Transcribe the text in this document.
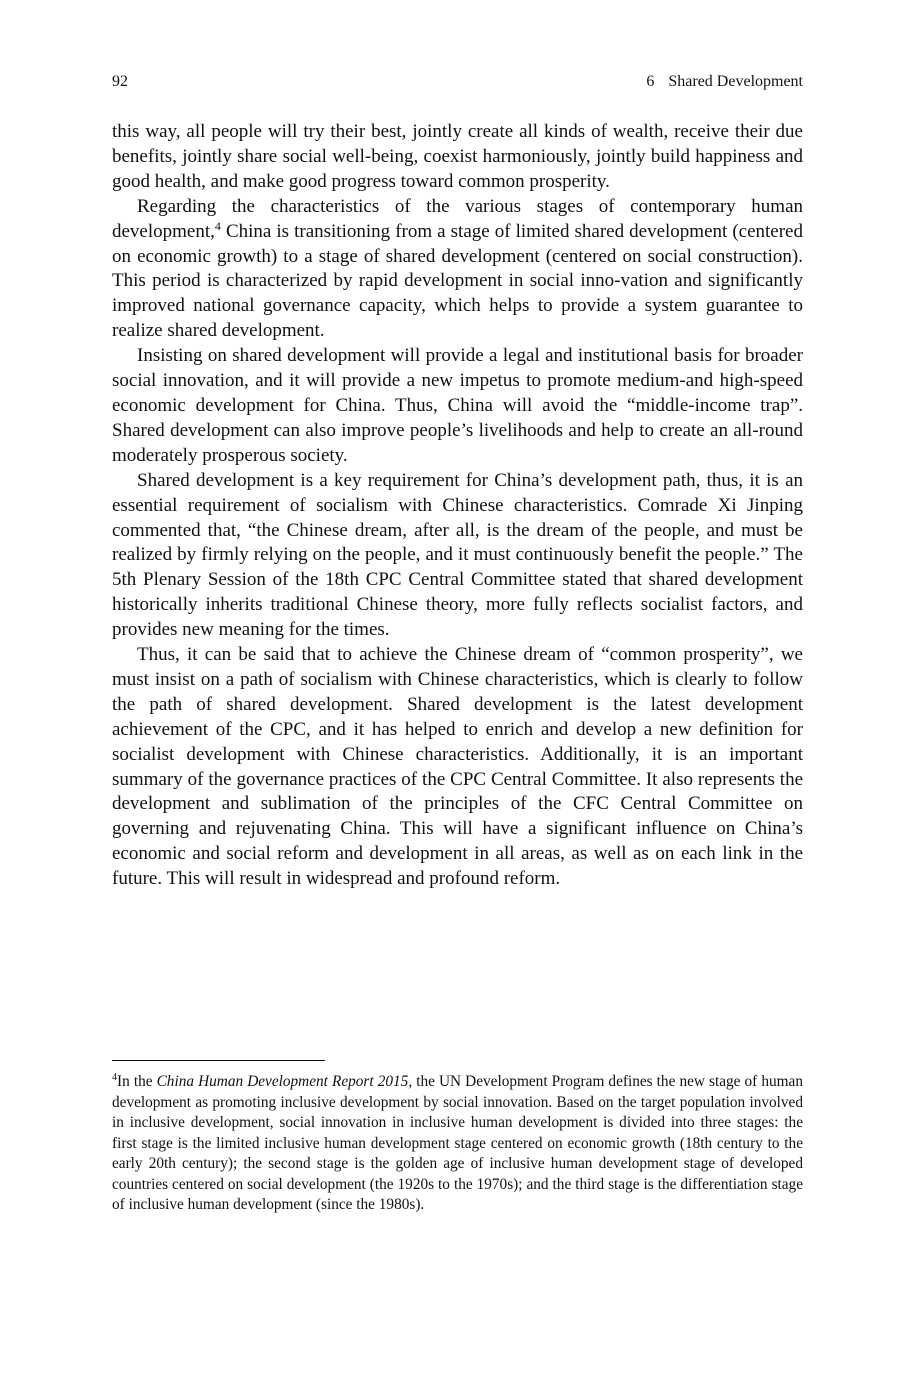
92	6 Shared Development

this way, all people will try their best, jointly create all kinds of wealth, receive their due benefits, jointly share social well-being, coexist harmoniously, jointly build happiness and good health, and make good progress toward common prosperity.

Regarding the characteristics of the various stages of contemporary human development,$^4$ China is transitioning from a stage of limited shared development (centered on economic growth) to a stage of shared development (centered on social construction). This period is characterized by rapid development in social inno-vation and significantly improved national governance capacity, which helps to provide a system guarantee to realize shared development.

Insisting on shared development will provide a legal and institutional basis for broader social innovation, and it will provide a new impetus to promote medium-and high-speed economic development for China. Thus, China will avoid the “middle-income trap”. Shared development can also improve people’s livelihoods and help to create an all-round moderately prosperous society.

Shared development is a key requirement for China’s development path, thus, it is an essential requirement of socialism with Chinese characteristics. Comrade Xi Jinping commented that, “the Chinese dream, after all, is the dream of the people, and must be realized by firmly relying on the people, and it must continuously benefit the people.” The 5th Plenary Session of the 18th CPC Central Committee stated that shared development historically inherits traditional Chinese theory, more fully reflects socialist factors, and provides new meaning for the times.

Thus, it can be said that to achieve the Chinese dream of “common prosperity”, we must insist on a path of socialism with Chinese characteristics, which is clearly to follow the path of shared development. Shared development is the latest development achievement of the CPC, and it has helped to enrich and develop a new definition for socialist development with Chinese characteristics. Additionally, it is an important summary of the governance practices of the CPC Central Committee. It also represents the development and sublimation of the principles of the CFC Central Committee on governing and rejuvenating China. This will have a significant influence on China’s economic and social reform and development in all areas, as well as on each link in the future. This will result in widespread and profound reform.

$^4$In the China Human Development Report 2015, the UN Development Program defines the new stage of human development as promoting inclusive development by social innovation. Based on the target population involved in inclusive development, social innovation in inclusive human development is divided into three stages: the first stage is the limited inclusive human development stage centered on economic growth (18th century to the early 20th century); the second stage is the golden age of inclusive human development stage of developed countries centered on social development (the 1920s to the 1970s); and the third stage is the differentiation stage of inclusive human development (since the 1980s).
